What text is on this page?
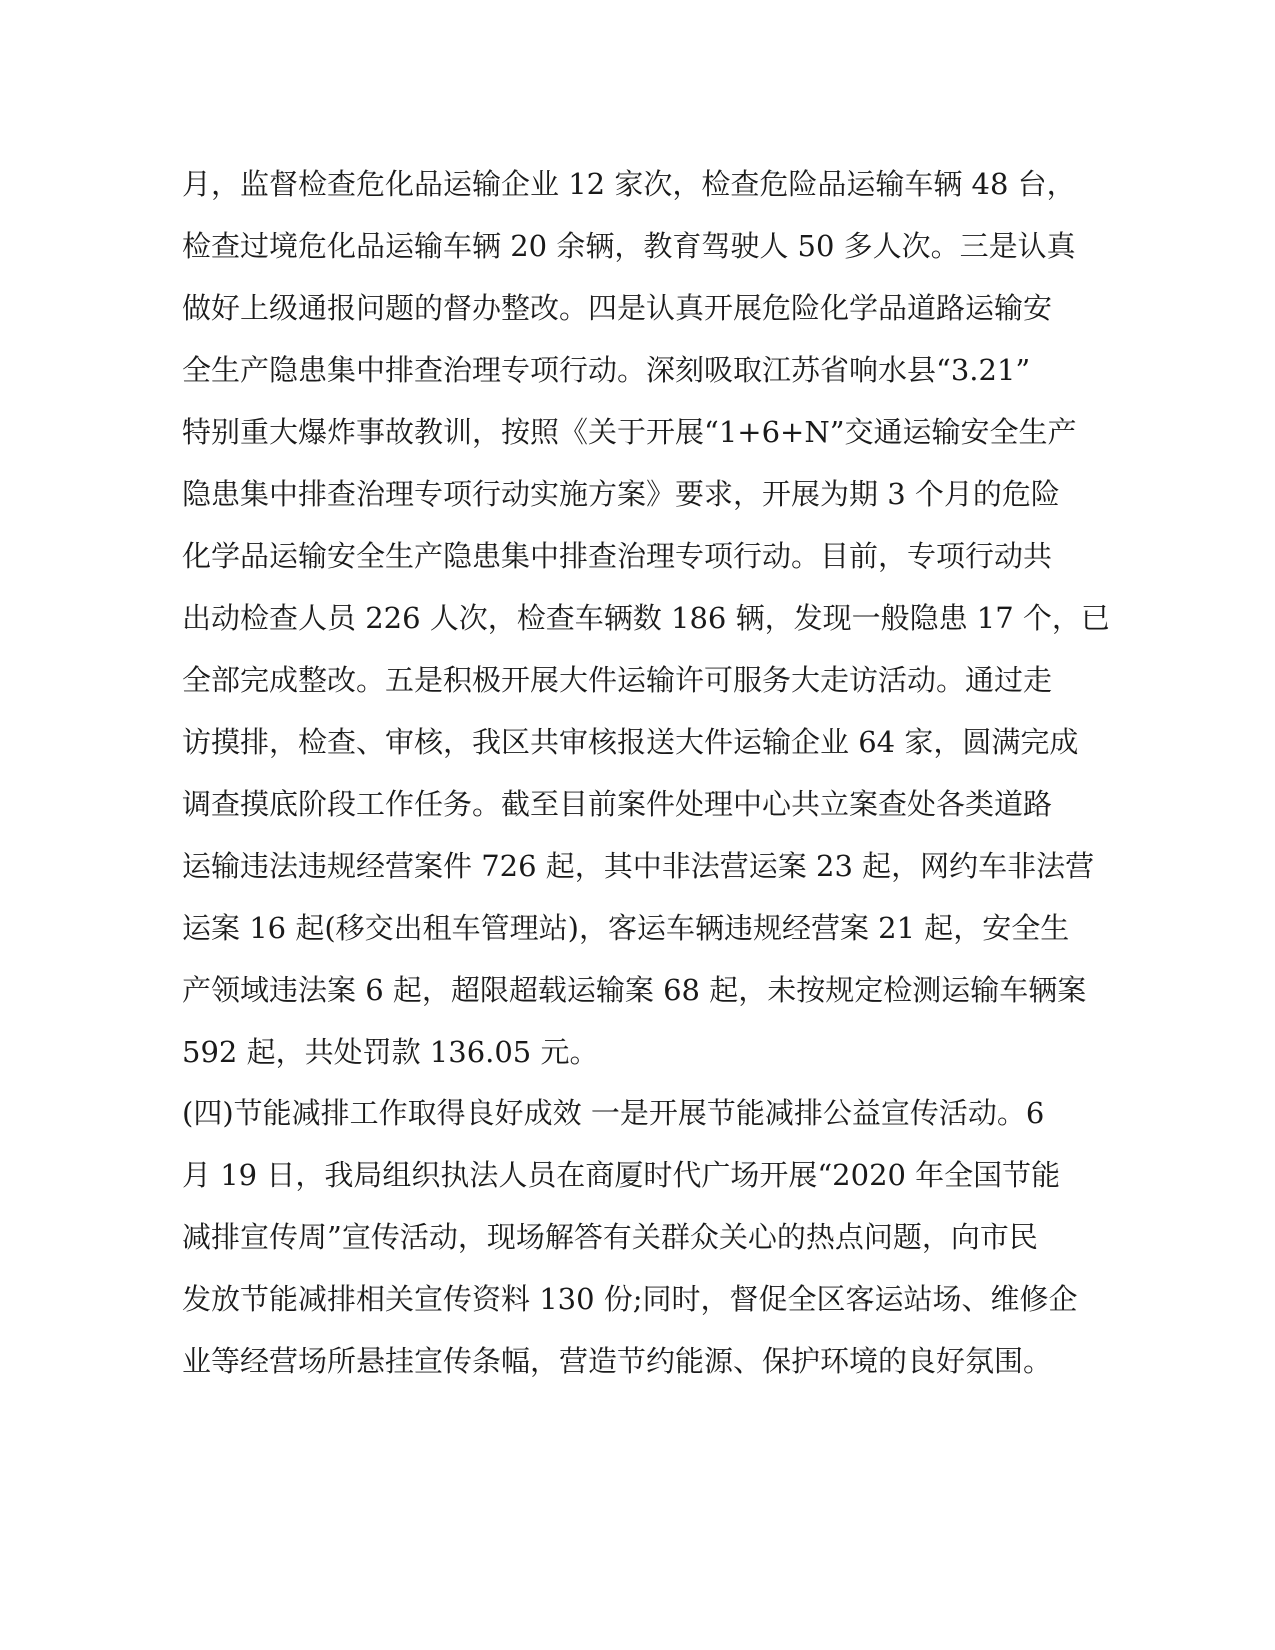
月，监督检查危化品运输企业 12 家次，检查危险品运输车辆 48 台，
检查过境危化品运输车辆 20 余辆，教育驾驶人 50 多人次。三是认真
做好上级通报问题的督办整改。四是认真开展危险化学品道路运输安
全生产隐患集中排查治理专项行动。深刻吸取江苏省响水县“3.21”
特别重大爆炸事故教训，按照《关于开展“1+6+N”交通运输安全生产
隐患集中排查治理专项行动实施方案》要求，开展为期 3 个月的危险
化学品运输安全生产隐患集中排查治理专项行动。目前，专项行动共
出动检查人员 226 人次，检查车辆数 186 辆，发现一般隐患 17 个，已
全部完成整改。五是积极开展大件运输许可服务大走访活动。通过走
访摸排，检查、审核，我区共审核报送大件运输企业 64 家，圆满完成
调查摸底阶段工作任务。截至目前案件处理中心共立案查处各类道路
运输违法违规经营案件 726 起，其中非法营运案 23 起，网约车非法营
运案 16 起(移交出租车管理站)，客运车辆违规经营案 21 起，安全生
产领域违法案 6 起，超限超载运输案 68 起，未按规定检测运输车辆案
592 起，共处罚款 136.05 元。
(四)节能减排工作取得良好成效 一是开展节能减排公益宣传活动。6
月 19 日，我局组织执法人员在商厦时代广场开展“2020 年全国节能
减排宣传周”宣传活动，现场解答有关群众关心的热点问题，向市民
发放节能减排相关宣传资料 130 份;同时，督促全区客运站场、维修企
业等经营场所悬挂宣传条幅，营造节约能源、保护环境的良好氛围。
